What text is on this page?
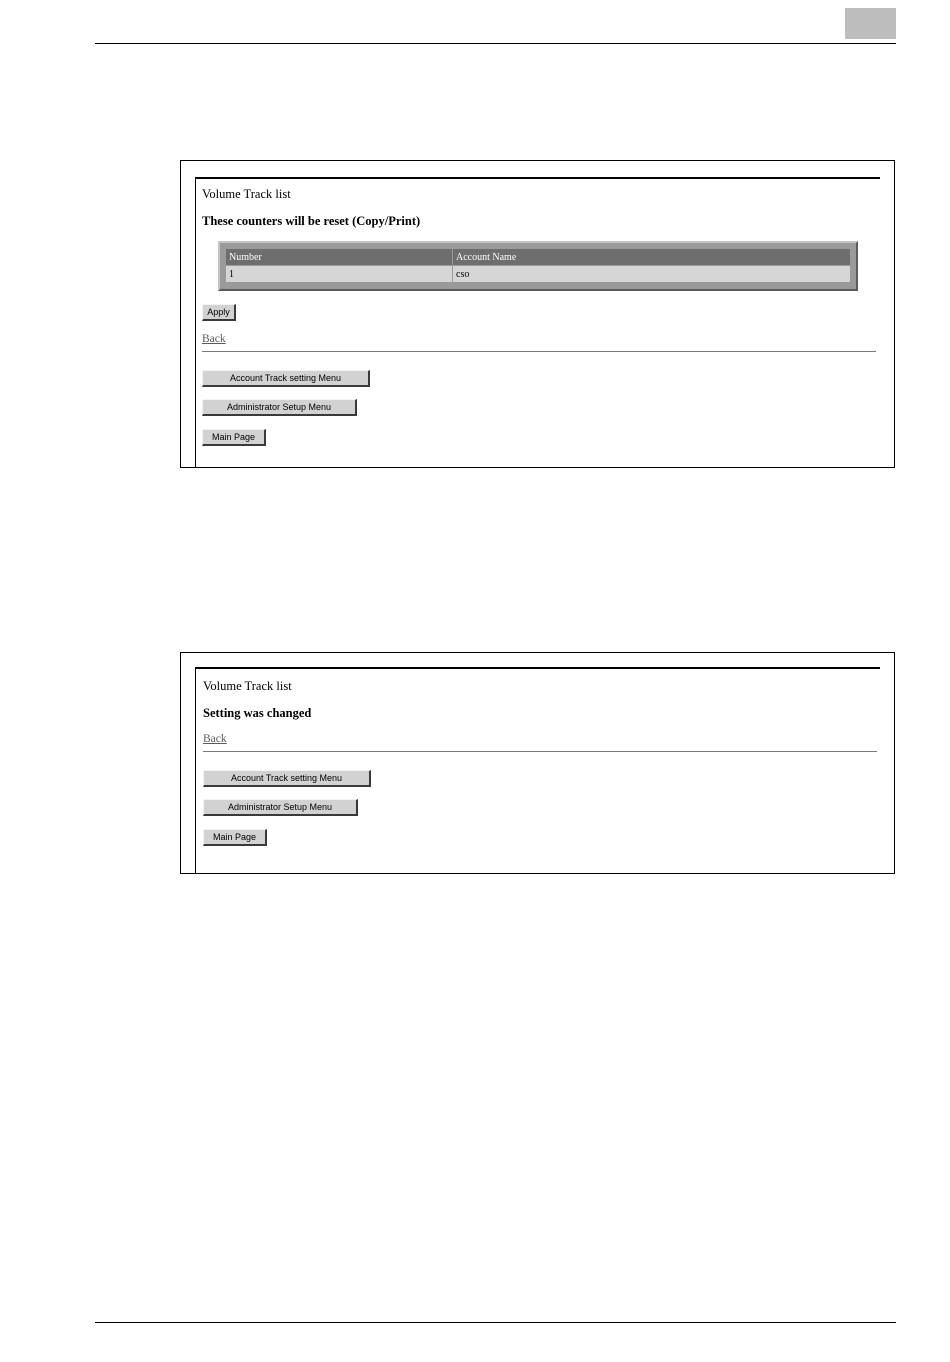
Volume Track list
These counters will be reset (Copy/Print)
Number	Account Name
1	cso
Apply
Back
Account Track setting Menu
Administrator Setup Menu
Main Page
Volume Track list
Setting was changed
Back
Account Track setting Menu
Administrator Setup Menu
Main Page
